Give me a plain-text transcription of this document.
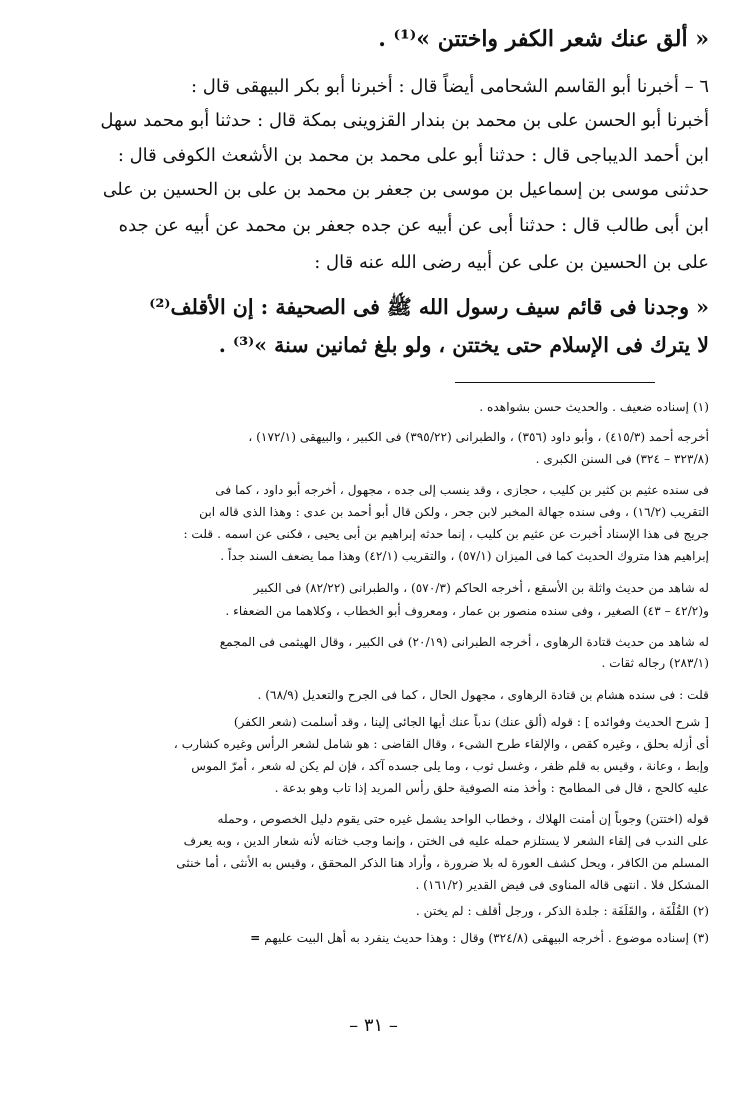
« ألق عنك شعر الكفر واختتن »⁽¹⁾ .

٦ – أخبرنا أبو القاسم الشحامى أيضاً قال : أخبرنا أبو بكر البيهقى قال :

أخبرنا أبو الحسن على بن محمد بن بندار القزوينى بمكة قال : حدثنا أبو محمد سهل

ابن أحمد الديباجى قال : حدثنا أبو على محمد بن محمد بن الأشعث الكوفى قال :

حدثنى موسى بن إسماعيل بن موسى بن جعفر بن محمد بن على بن الحسين بن على

ابن أبى طالب قال : حدثنا أبى عن أبيه عن جده جعفر بن محمد عن أبيه عن جده

على بن الحسين بن على عن أبيه رضى الله عنه قال :

« وجدنا فى قائم سيف رسول الله ﷺ فى الصحيفة : إن الأقلف⁽²⁾

لا يترك فى الإسلام حتى يختتن ، ولو بلغ ثمانين سنة »⁽³⁾ .

(١) إسناده ضعيف . والحديث حسن بشواهده .

أخرجه أحمد (٤١٥/٣) ، وأبو داود (٣٥٦) ، والطبرانى (٣٩٥/٢٢) فى الكبير ، والبيهقى (١٧٢/١) ،

(٣٢٣/٨ – ٣٢٤) فى السنن الكبرى .

فى سنده عثيم بن كثير بن كليب ، حجازى ، وقد ينسب إلى جده ، مجهول ، أخرجه أبو داود ، كما فى

التقريب (١٦/٢) ، وفى سنده جهالة المخبر لابن جحر ، ولكن قال أبو أحمد بن عدى : وهذا الذى قاله ابن

جريج فى هذا الإسناد أخبرت عن عثيم بن كليب ، إنما حدثه إبراهيم بن أبى يحيى ، فكنى عن اسمه . قلت :

إبراهيم هذا متروك الحديث كما فى الميزان (٥٧/١) ، والتقريب (٤٢/١) وهذا مما يضعف السند جداً .

له شاهد من حديث واثلة بن الأسقع ، أخرجه الحاكم (٥٧٠/٣) ، والطبرانى (٨٢/٢٢) فى الكبير

و(٤٢/٢ – ٤٣) الصغير ، وفى سنده منصور بن عمار ، ومعروف أبو الخطاب ، وكلاهما من الضعفاء .

له شاهد من حديث قتادة الرهاوى ، أخرجه الطبرانى (٢٠/١٩) فى الكبير ، وقال الهيثمى فى المجمع

(٢٨٣/١) رجاله ثقات .

قلت : فى سنده هشام بن قتادة الرهاوى ، مجهول الحال ، كما فى الجرح والتعديل (٦٨/٩) .

[ شرح الحديث وفوائده ] : قوله (ألق عنك) ندباً عنك أيها الجائى إلينا ، وقد أسلمت (شعر الكفر)

أى أزله بحلق ، وغيره كقص ، والإلقاء طرح الشىء ، وقال القاضى : هو شامل لشعر الرأس وغيره كشارب ،

وإبط ، وعانة ، وقيس به قلم ظفر ، وغسل ثوب ، وما يلى جسده آكد ، فإن لم يكن له شعر ، أمرّ الموس

عليه كالحج ، قال فى المطامح : وأخذ منه الصوفية حلق رأس المريد إذا تاب وهو بدعة .

قوله (اختتن) وجوباً إن أمنت الهلاك ، وخطاب الواحد يشمل غيره حتى يقوم دليل الخصوص ، وحمله

على الندب فى إلقاء الشعر لا يستلزم حمله عليه فى الختن ، وإنما وجب ختانه لأنه شعار الدين ، وبه يعرف

المسلم من الكافر ، ويحل كشف العورة له بلا ضرورة ، وأراد هنا الذكر المحقق ، وقيس به الأنثى ، أما خنثى

المشكل فلا . انتهى قاله المناوى فى فيض القدير (١٦١/٢) .

(٢) القُلْفَة ، والقَلَفَة : جلدة الذكر ، ورجل أقلف : لم يختن .

(٣) إسناده موضوع . أخرجه البيهقى (٣٢٤/٨) وقال : وهذا حديث ينفرد به أهل البيت عليهم =

– ٣١ –
